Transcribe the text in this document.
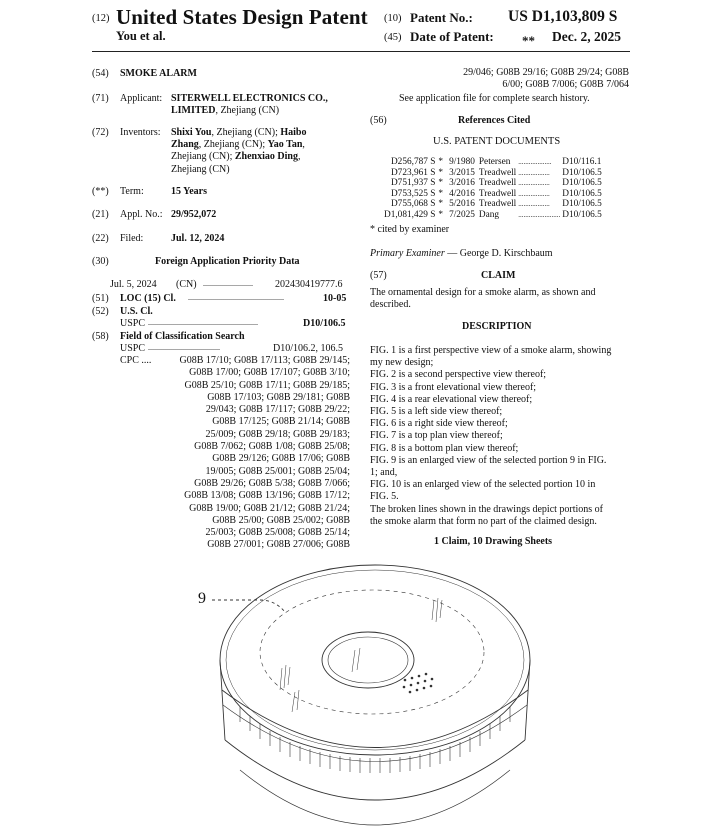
(12) United States Design Patent
You et al.
(10) Patent No.: US D1,103,809 S
(45) Date of Patent: ** Dec. 2, 2025
(54)	SMOKE ALARM
(71)	Applicant: SITERWELL ELECTRONICS CO.,
LIMITED, Zhejiang (CN)
(72)	Inventors: Shixi You, Zhejiang (CN); Haibo
Zhang, Zhejiang (CN); Yao Tan,
Zhejiang (CN); Zhenxiao Ding,
Zhejiang (CN)
(**)	Term:	15 Years
(21)	Appl. No.: 29/952,072
(22)	Filed:	Jul. 12, 2024
(30)	Foreign Application Priority Data
Jul. 5, 2024 (CN) ......................... 202430419777.6
(51)	LOC (15) Cl. ................................................	10-05
(52)	U.S. Cl.
USPC .......................................................	D10/106.5
(58)	Field of Classification Search
USPC ....................................	D10/106.2, 106.5
CPC ....	G08B 17/10; G08B 17/113; G08B 29/145;
G08B 17/00; G08B 17/107; G08B 3/10;
G08B 25/10; G08B 17/11; G08B 29/185;
G08B 17/103; G08B 29/181; G08B
29/043; G08B 17/117; G08B 29/22;
G08B 17/125; G08B 21/14; G08B
25/009; G08B 29/18; G08B 29/183;
G08B 7/062; G08B 1/08; G08B 25/08;
G08B 29/126; G08B 17/06; G08B
19/005; G08B 25/001; G08B 25/04;
G08B 29/26; G08B 5/38; G08B 7/066;
G08B 13/08; G08B 13/196; G08B 17/12;
G08B 19/00; G08B 21/12; G08B 21/24;
G08B 25/00; G08B 25/002; G08B
25/003; G08B 25/008; G08B 25/14;
G08B 27/001; G08B 27/006; G08B
29/046; G08B 29/16; G08B 29/24; G08B
6/00; G08B 7/006; G08B 7/064
See application file for complete search history.
(56)	References Cited
U.S. PATENT DOCUMENTS
D256,787 S	*	9/1980	Petersen	...................	D10/116.1
D723,961 S	*	3/2015	Treadwell	..................	D10/106.5
D751,937 S	*	3/2016	Treadwell	..................	D10/106.5
D753,525 S	*	4/2016	Treadwell	..................	D10/106.5
D755,068 S	*	5/2016	Treadwell	..................	D10/106.5
D1,081,429 S	*	7/2025	Dang	........................	D10/106.5
* cited by examiner
Primary Examiner — George D. Kirschbaum
(57)	CLAIM
The ornamental design for a smoke alarm, as shown and
described.
DESCRIPTION
FIG. 1 is a first perspective view of a smoke alarm, showing
my new design;
FIG. 2 is a second perspective view thereof;
FIG. 3 is a front elevational view thereof;
FIG. 4 is a rear elevational view thereof;
FIG. 5 is a left side view thereof;
FIG. 6 is a right side view thereof;
FIG. 7 is a top plan view thereof;
FIG. 8 is a bottom plan view thereof;
FIG. 9 is an enlarged view of the selected portion 9 in FIG.
1; and,
FIG. 10 is an enlarged view of the selected portion 10 in
FIG. 5.
The broken lines shown in the drawings depict portions of
the smoke alarm that form no part of the claimed design.
1 Claim, 10 Drawing Sheets
9
